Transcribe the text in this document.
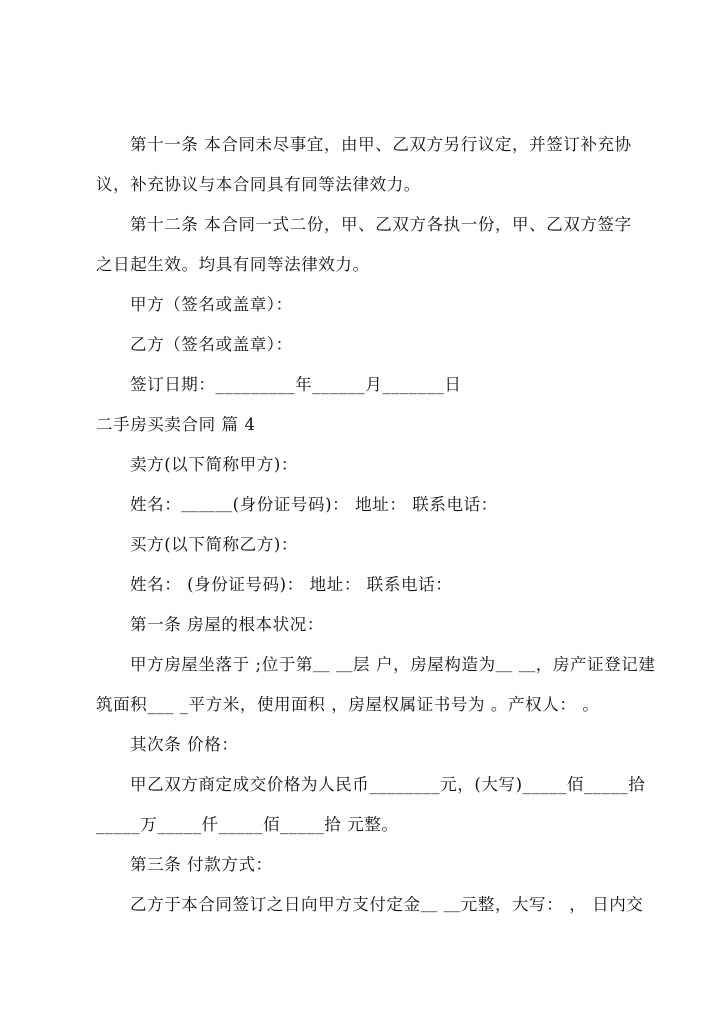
第十一条 本合同未尽事宜，由甲、乙双方另行议定，并签订补充协
议，补充协议与本合同具有同等法律效力。
第十二条 本合同一式二份，甲、乙双方各执一份，甲、乙双方签字
之日起生效。均具有同等法律效力。
甲方（签名或盖章）：
乙方（签名或盖章）：
签订日期：_________年______月_______日
二手房买卖合同 篇 4
卖方(以下简称甲方)：
姓名：＿＿＿(身份证号码)： 地址： 联系电话：
买方(以下简称乙方)：
姓名： (身份证号码)： 地址： 联系电话：
第一条 房屋的根本状况：
甲方房屋坐落于 ;位于第＿ ＿层 户，房屋构造为＿ ＿，房产证登记建
筑面积___ _平方米，使用面积 ，房屋权属证书号为 。产权人： 。
其次条 价格：
甲乙双方商定成交价格为人民币________元，(大写)_____佰_____拾
_____万_____仟_____佰_____拾 元整。
第三条 付款方式：
乙方于本合同签订之日向甲方支付定金＿ ＿元整，大写： ， 日内交
